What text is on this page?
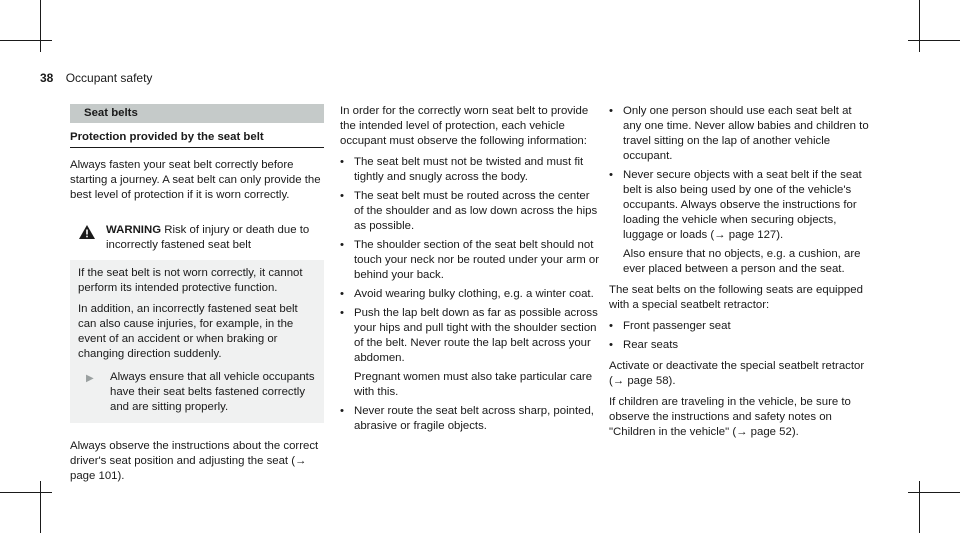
38 Occupant safety
Seat belts
Protection provided by the seat belt

Always fasten your seat belt correctly before starting a journey. A seat belt can only provide the best level of protection if it is worn correctly.

WARNING Risk of injury or death due to incorrectly fastened seat belt

If the seat belt is not worn correctly, it cannot perform its intended protective function.

In addition, an incorrectly fastened seat belt can also cause injuries, for example, in the event of an accident or when braking or changing direction suddenly.

▶	Always ensure that all vehicle occupants have their seat belts fastened correctly and are sitting properly.

Always observe the instructions about the correct driver's seat position and adjusting the seat (→ page 101).

In order for the correctly worn seat belt to provide the intended level of protection, each vehicle occupant must observe the following information:

• The seat belt must not be twisted and must fit tightly and snugly across the body.
• The seat belt must be routed across the center of the shoulder and as low down across the hips as possible.
• The shoulder section of the seat belt should not touch your neck nor be routed under your arm or behind your back.
• Avoid wearing bulky clothing, e.g. a winter coat.
• Push the lap belt down as far as possible across your hips and pull tight with the shoulder section of the belt. Never route the lap belt across your abdomen.
Pregnant women must also take particular care with this.
• Never route the seat belt across sharp, pointed, abrasive or fragile objects.
• Only one person should use each seat belt at any one time. Never allow babies and children to travel sitting on the lap of another vehicle occupant.
• Never secure objects with a seat belt if the seat belt is also being used by one of the vehicle's occupants. Always observe the instructions for loading the vehicle when securing objects, luggage or loads (→ page 127).
Also ensure that no objects, e.g. a cushion, are ever placed between a person and the seat.

The seat belts on the following seats are equipped with a special seatbelt retractor:

• Front passenger seat
• Rear seats

Activate or deactivate the special seatbelt retractor (→ page 58).

If children are traveling in the vehicle, be sure to observe the instructions and safety notes on "Children in the vehicle" (→ page 52).
